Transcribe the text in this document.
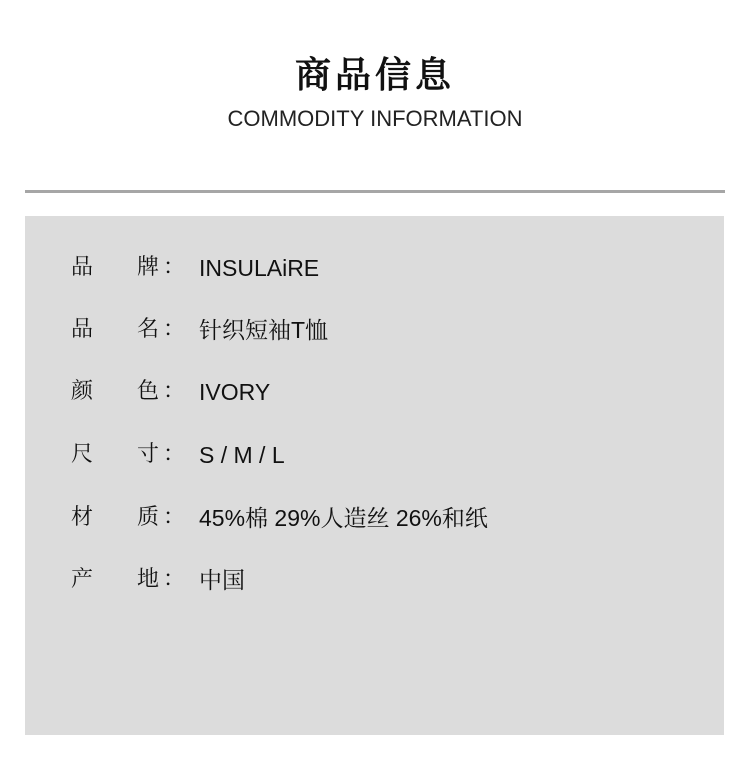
商品信息
COMMODITY INFORMATION
品	牌 ： INSULAiRE
品	名 ： 针织短袖T恤
颜	色 ： IVORY
尺	寸 ： S / M / L
材	质 ： 45%棉 29%人造丝 26%和纸
产	地 ： 中国
